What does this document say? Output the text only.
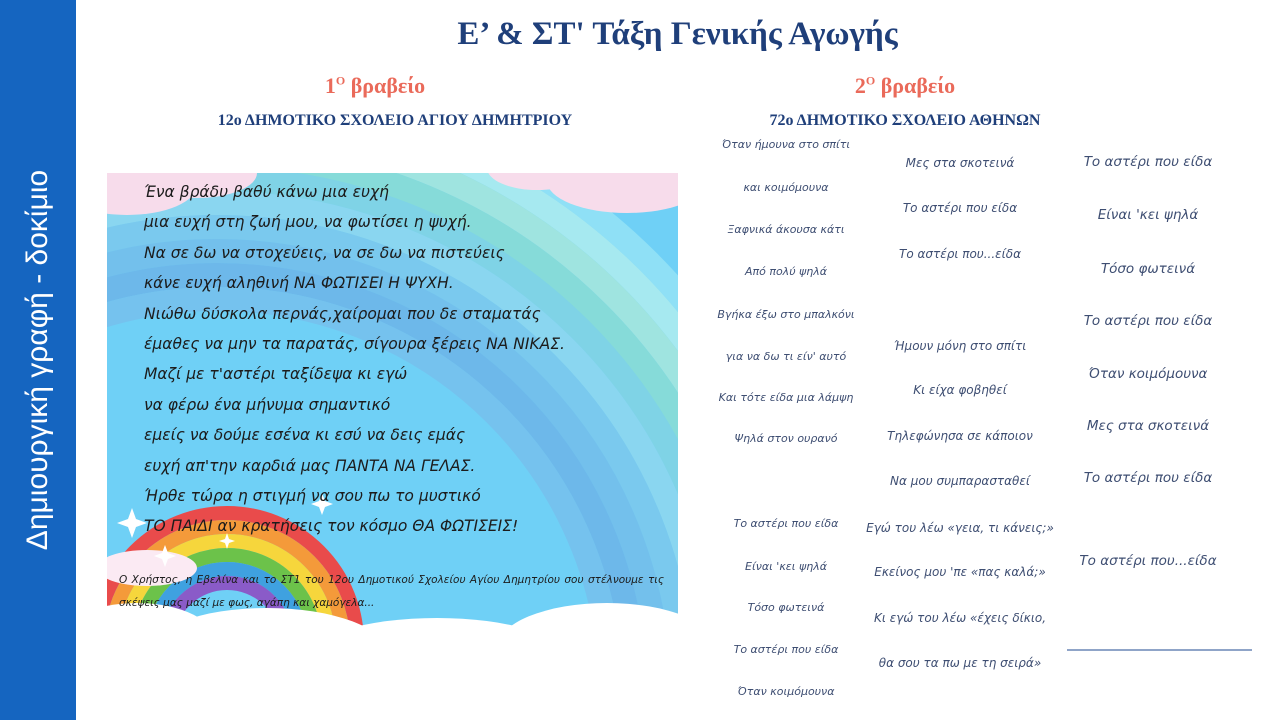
Δημιουργική γραφή - δοκίμιο
Ε’ & ΣΤ' Τάξη Γενικής Αγωγής
$1^O$ βραβείο
12ο ΔΗΜΟΤΙΚΟ ΣΧΟΛΕΙΟ ΑΓΙΟΥ ΔΗΜΗΤΡΙΟΥ
Ένα βράδυ βαθύ κάνω μια ευχή
μια ευχή στη ζωή μου, να φωτίσει η ψυχή.
Να σε δω να στοχεύεις, να σε δω να πιστεύεις
κάνε ευχή αληθινή ΝΑ ΦΩΤΙΣΕΙ Η ΨΥΧΗ.
Νιώθω δύσκολα περνάς,χαίρομαι που δε σταματάς
έμαθες να μην τα παρατάς, σίγουρα ξέρεις ΝΑ ΝΙΚΑΣ.
Μαζί με τ'αστέρι ταξίδεψα κι εγώ
να φέρω ένα μήνυμα σημαντικό
εμείς να δούμε εσένα κι εσύ να δεις εμάς
ευχή απ'την καρδιά μας ΠΑΝΤΑ ΝΑ ΓΕΛΑΣ.
Ήρθε τώρα η στιγμή να σου πω το μυστικό
ΤΟ ΠΑΙΔΙ αν κρατήσεις τον κόσμο ΘΑ ΦΩΤΙΣΕΙΣ!

Ο Χρήστος, η Εβελίνα και το ΣΤ1 του 12ου Δημοτικού Σχολείου Αγίου Δημητρίου σου στέλνουμε τις σκέψεις μας μαζί με φως, αγάπη και χαμόγελα...

$2^O$ βραβείο
72ο ΔΗΜΟΤΙΚΟ ΣΧΟΛΕΙΟ ΑΘΗΝΩΝ
Όταν ήμουνα στο σπίτι
και κοιμόμουνα
Ξαφνικά άκουσα κάτι
Από πολύ ψηλά
Βγήκα έξω στο μπαλκόνι
για να δω τι είν' αυτό
Και τότε είδα μια λάμψη
Ψηλά στον ουρανό
Το αστέρι που είδα
Είναι 'κει ψηλά
Τόσο φωτεινά
Το αστέρι που είδα
Όταν κοιμόμουνα
Μες στα σκοτεινά
Το αστέρι που είδα
Το αστέρι που...είδα
Ήμουν μόνη στο σπίτι
Κι είχα φοβηθεί
Τηλεφώνησα σε κάποιον
Να μου συμπαρασταθεί
Εγώ του λέω «γεια, τι κάνεις;»
Εκείνος μου 'πε «πας καλά;»
Κι εγώ του λέω «έχεις δίκιο,
θα σου τα πω με τη σειρά»
Το αστέρι που είδα
Είναι 'κει ψηλά
Τόσο φωτεινά
Το αστέρι που είδα
Όταν κοιμόμουνα
Μες στα σκοτεινά
Το αστέρι που είδα
Το αστέρι που...είδα
